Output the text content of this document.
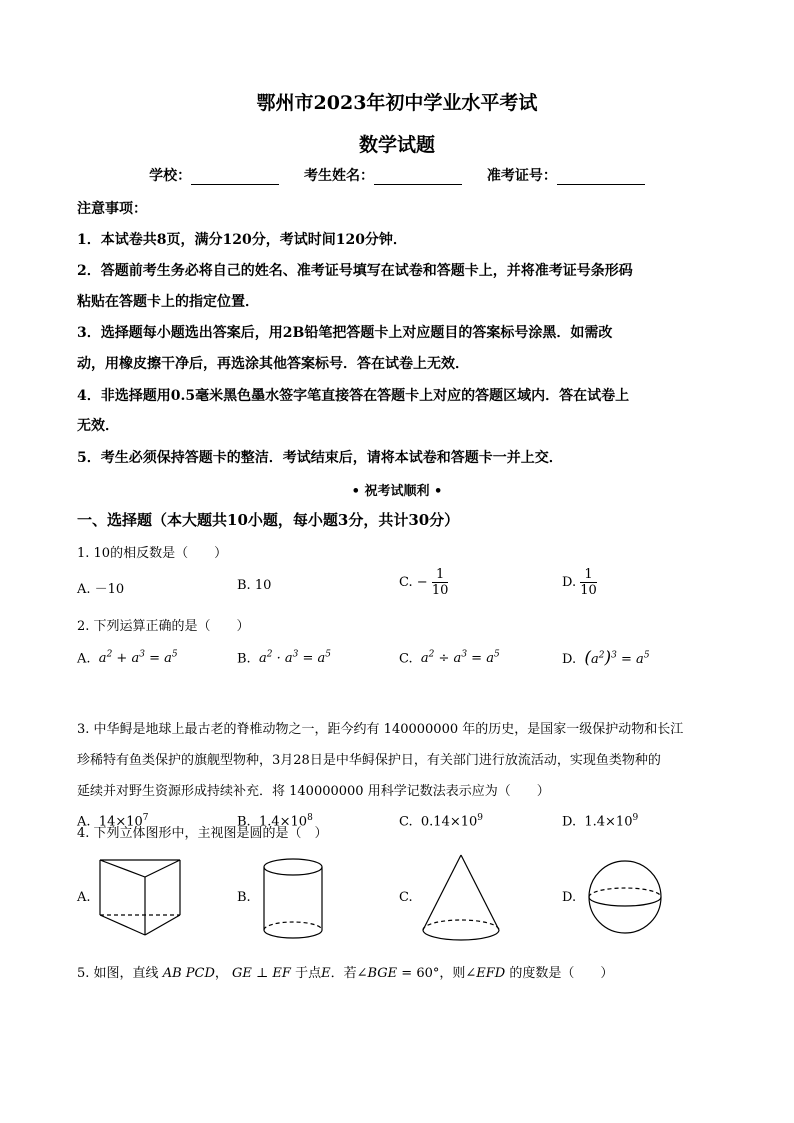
鄂州市2023年初中学业水平考试
数学试题
学校：	考生姓名：	准考证号：
注意事项：
1．本试卷共8页，满分120分，考试时间120分钟．
2．答题前考生务必将自己的姓名、准考证号填写在试卷和答题卡上，并将准考证号条形码
粘贴在答题卡上的指定位置．
3．选择题每小题选出答案后，用2B铅笔把答题卡上对应题目的答案标号涂黑．如需改
动，用橡皮擦干净后，再选涂其他答案标号．答在试卷上无效．
4．非选择题用0.5毫米黑色墨水签字笔直接答在答题卡上对应的答题区域内．答在试卷上
无效．
5．考生必须保持答题卡的整洁．考试结束后，请将本试卷和答题卡一并上交．
• 祝考试顺利 •
一、选择题（本大题共10小题，每小题3分，共计30分）
1. 10的相反数是（　　）
A. －10	B. 10	C. − $\frac{1}{10}$	D. $\frac{1}{10}$
2. 下列运算正确的是（　　）
A.  $a^2 + a^3 = a^5$	B.  $a^2 \cdot a^3 = a^5$	C.  $a^2 \div a^3 = a^5$	D. $(a^2)^3 = a^5$
3. 中华鲟是地球上最古老的脊椎动物之一，距今约有 140000000 年的历史，是国家一级保护动物和长江
珍稀特有鱼类保护的旗舰型物种，3月28日是中华鲟保护日，有关部门进行放流活动，实现鱼类物种的
延续并对野生资源形成持续补充．将 140000000 用科学记数法表示应为（　　）
A. $14\times 10^7$	B. $1.4\times 10^8$	C. $0.14\times 10^9$	D. $1.4\times 10^9$
4. 下列立体图形中，主视图是圆的是（　）
A.	B.	C.	D.
5. 如图，直线 AB PCD， GE ⊥ EF 于点E．若∠BGE = 60°，则∠EFD 的度数是（　　）
